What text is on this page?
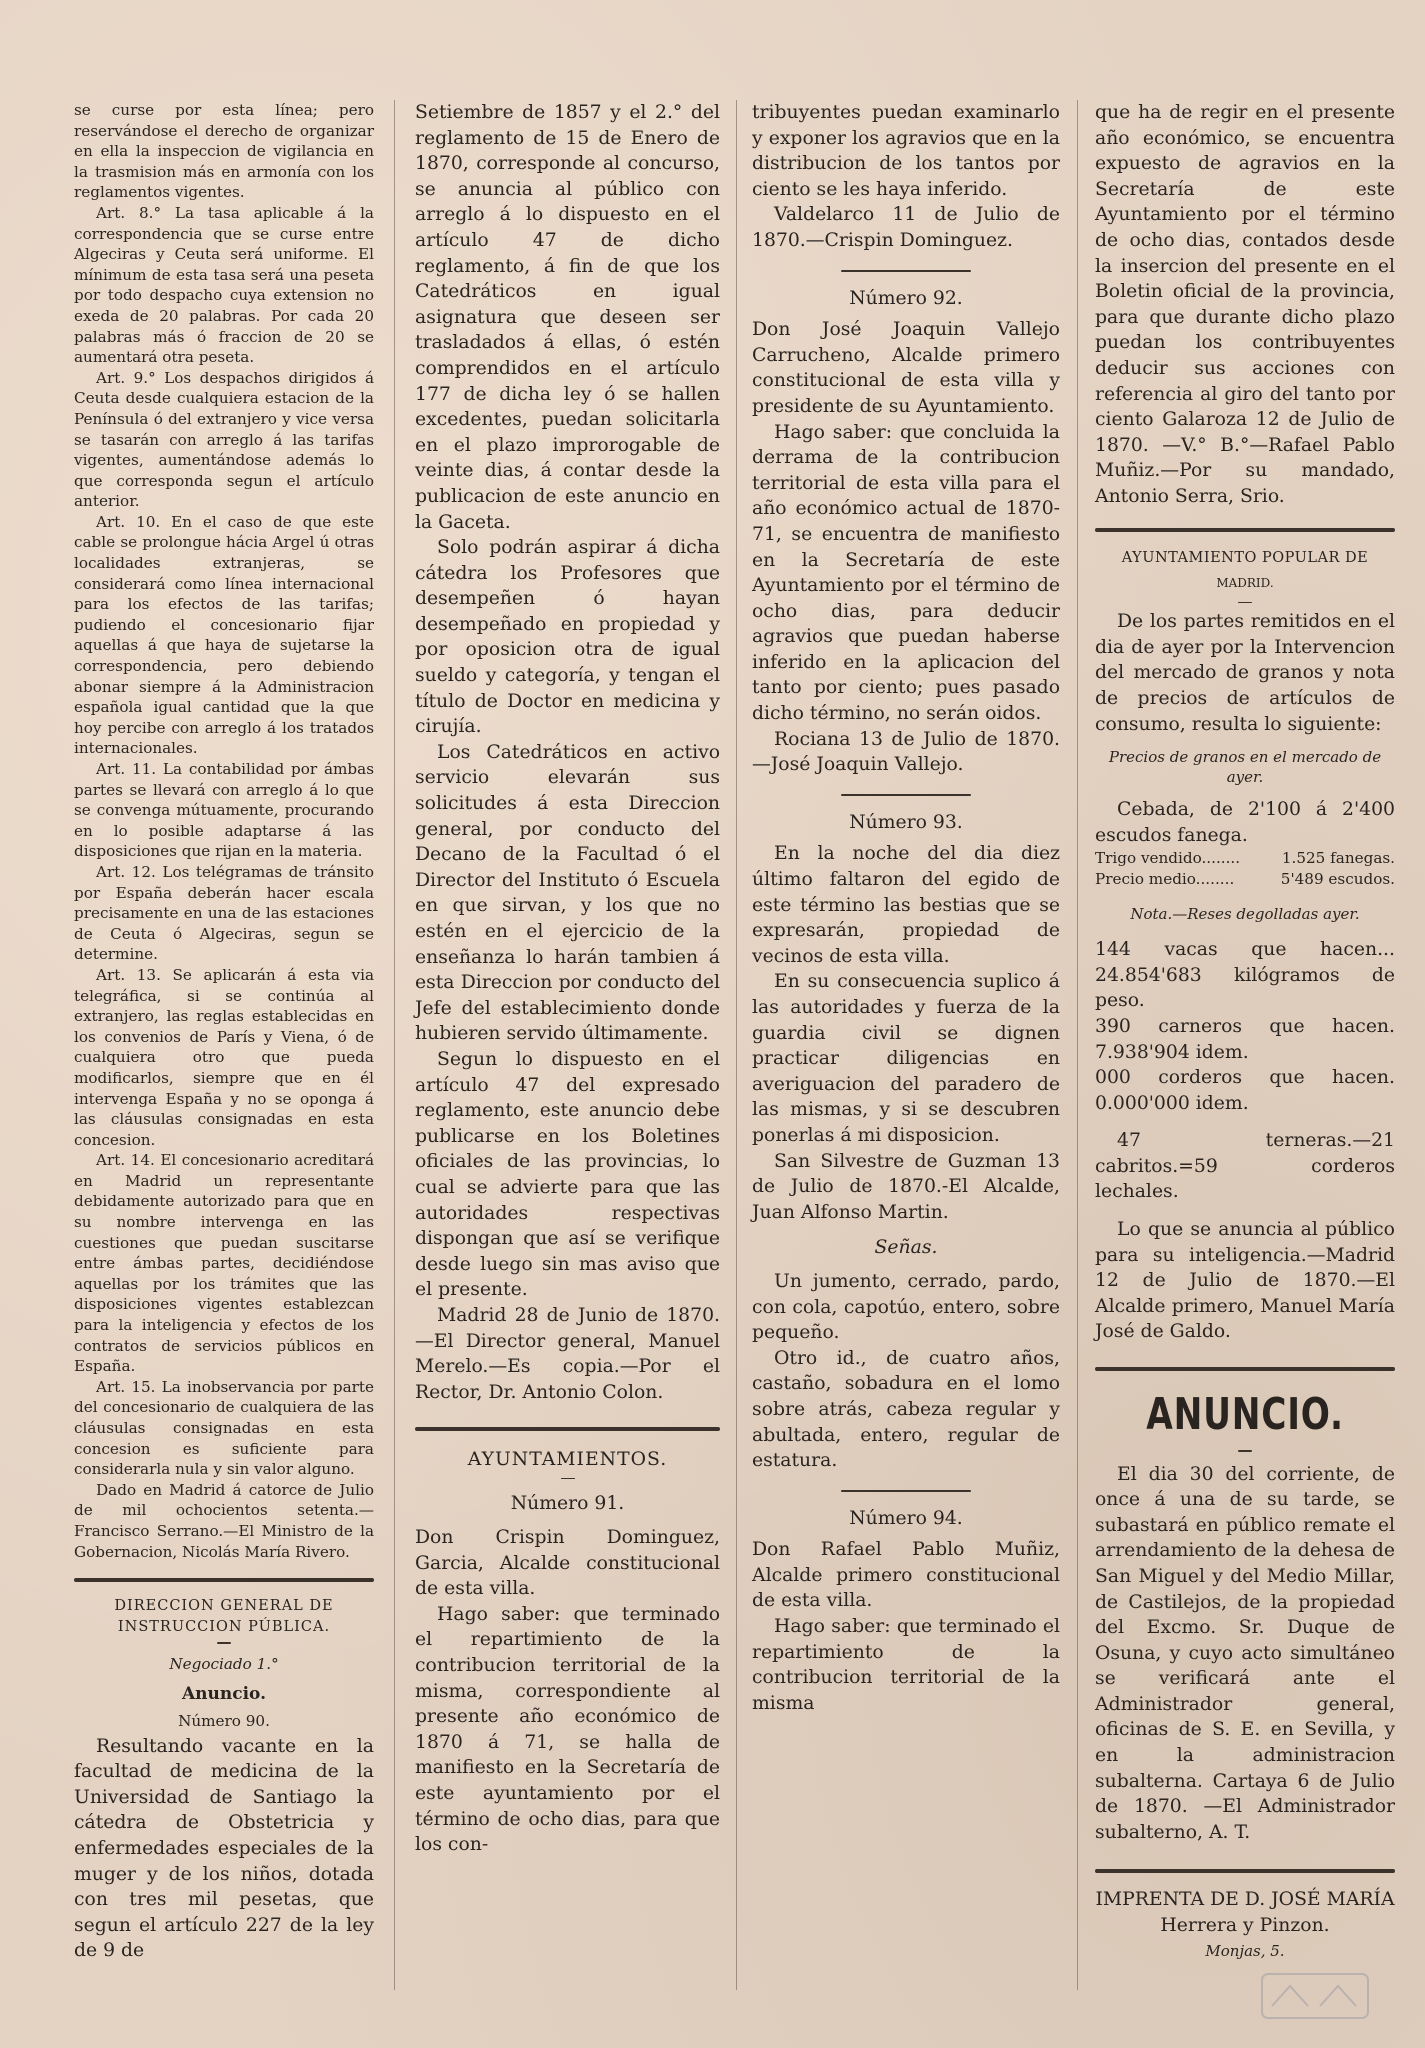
se curse por esta línea; pero reservándose el derecho de organizar en ella la inspeccion de vigilancia en la trasmision más en armonía con los reglamentos vigentes.

Art. 8.° La tasa aplicable á la correspondencia que se curse entre Algeciras y Ceuta será uniforme. El mínimum de esta tasa será una peseta por todo despacho cuya extension no exeda de 20 palabras. Por cada 20 palabras más ó fraccion de 20 se aumentará otra peseta.

Art. 9.° Los despachos dirigidos á Ceuta desde cualquiera estacion de la Península ó del extranjero y vice versa se tasarán con arreglo á las tarifas vigentes, aumentándose además lo que corresponda segun el artículo anterior.

Art. 10. En el caso de que este cable se prolongue hácia Argel ú otras localidades extranjeras, se considerará como línea internacional para los efectos de las tarifas; pudiendo el concesionario fijar aquellas á que haya de sujetarse la correspondencia, pero debiendo abonar siempre á la Administracion española igual cantidad que la que hoy percibe con arreglo á los tratados internacionales.

Art. 11. La contabilidad por ámbas partes se llevará con arreglo á lo que se convenga mútuamente, procurando en lo posible adaptarse á las disposiciones que rijan en la materia.

Art. 12. Los telégramas de tránsito por España deberán hacer escala precisamente en una de las estaciones de Ceuta ó Algeciras, segun se determine.

Art. 13. Se aplicarán á esta via telegráfica, si se continúa al extranjero, las reglas establecidas en los convenios de París y Viena, ó de cualquiera otro que pueda modificarlos, siempre que en él intervenga España y no se oponga á las cláusulas consignadas en esta concesion.

Art. 14. El concesionario acreditará en Madrid un representante debidamente autorizado para que en su nombre intervenga en las cuestiones que puedan suscitarse entre ámbas partes, decidiéndose aquellas por los trámites que las disposiciones vigentes establezcan para la inteligencia y efectos de los contratos de servicios públicos en España.

Art. 15. La inobservancia por parte del concesionario de cualquiera de las cláusulas consignadas en esta concesion es suficiente para considerarla nula y sin valor alguno.

Dado en Madrid á catorce de Julio de mil ochocientos setenta.—Francisco Serrano.—El Ministro de la Gobernacion, Nicolás María Rivero.

DIRECCION GENERAL DE INSTRUCCION PÚBLICA.

Negociado 1.°

Anuncio.

Número 90.

Resultando vacante en la facultad de medicina de la Universidad de Santiago la cátedra de Obstetricia y enfermedades especiales de la muger y de los niños, dotada con tres mil pesetas, que segun el artículo 227 de la ley de 9 de

Setiembre de 1857 y el 2.° del reglamento de 15 de Enero de 1870, corresponde al concurso, se anuncia al público con arreglo á lo dispuesto en el artículo 47 de dicho reglamento, á fin de que los Catedráticos en igual asignatura que deseen ser trasladados á ellas, ó estén comprendidos en el artículo 177 de dicha ley ó se hallen excedentes, puedan solicitarla en el plazo improrogable de veinte dias, á contar desde la publicacion de este anuncio en la Gaceta.

Solo podrán aspirar á dicha cátedra los Profesores que desempeñen ó hayan desempeñado en propiedad y por oposicion otra de igual sueldo y categoría, y tengan el título de Doctor en medicina y cirujía.

Los Catedráticos en activo servicio elevarán sus solicitudes á esta Direccion general, por conducto del Decano de la Facultad ó el Director del Instituto ó Escuela en que sirvan, y los que no estén en el ejercicio de la enseñanza lo harán tambien á esta Direccion por conducto del Jefe del establecimiento donde hubieren servido últimamente.

Segun lo dispuesto en el artículo 47 del expresado reglamento, este anuncio debe publicarse en los Boletines oficiales de las provincias, lo cual se advierte para que las autoridades respectivas dispongan que así se verifique desde luego sin mas aviso que el presente.

Madrid 28 de Junio de 1870.—El Director general, Manuel Merelo.—Es copia.—Por el Rector, Dr. Antonio Colon.

AYUNTAMIENTOS.

Número 91.

Don Crispin Dominguez, Garcia, Alcalde constitucional de esta villa.

Hago saber: que terminado el repartimiento de la contribucion territorial de la misma, correspondiente al presente año económico de 1870 á 71, se halla de manifiesto en la Secretaría de este ayuntamiento por el término de ocho dias, para que los con-

tribuyentes puedan examinarlo y exponer los agravios que en la distribucion de los tantos por ciento se les haya inferido.

Valdelarco 11 de Julio de 1870.—Crispin Dominguez.

Número 92.

Don José Joaquin Vallejo Carrucheno, Alcalde primero constitucional de esta villa y presidente de su Ayuntamiento.

Hago saber: que concluida la derrama de la contribucion territorial de esta villa para el año económico actual de 1870-71, se encuentra de manifiesto en la Secretaría de este Ayuntamiento por el término de ocho dias, para deducir agravios que puedan haberse inferido en la aplicacion del tanto por ciento; pues pasado dicho término, no serán oidos.

Rociana 13 de Julio de 1870.—José Joaquin Vallejo.

Número 93.

En la noche del dia diez último faltaron del egido de este término las bestias que se expresarán, propiedad de vecinos de esta villa.

En su consecuencia suplico á las autoridades y fuerza de la guardia civil se dignen practicar diligencias en averiguacion del paradero de las mismas, y si se descubren ponerlas á mi disposicion.

San Silvestre de Guzman 13 de Julio de 1870.-El Alcalde, Juan Alfonso Martin.

Señas.

Un jumento, cerrado, pardo, con cola, capotúo, entero, sobre pequeño.

Otro id., de cuatro años, castaño, sobadura en el lomo sobre atrás, cabeza regular y abultada, entero, regular de estatura.

Número 94.

Don Rafael Pablo Muñiz, Alcalde primero constitucional de esta villa.

Hago saber: que terminado el repartimiento de la contribucion territorial de la misma

que ha de regir en el presente año económico, se encuentra expuesto de agravios en la Secretaría de este Ayuntamiento por el término de ocho dias, contados desde la insercion del presente en el Boletin oficial de la provincia, para que durante dicho plazo puedan los contribuyentes deducir sus acciones con referencia al giro del tanto por ciento Galaroza 12 de Julio de 1870. —V.° B.°—Rafael Pablo Muñiz.—Por su mandado, Antonio Serra, Srio.

AYUNTAMIENTO POPULAR DE

MADRID.

De los partes remitidos en el dia de ayer por la Intervencion del mercado de granos y nota de precios de artículos de consumo, resulta lo siguiente:

Precios de granos en el mercado de ayer.

Cebada, de 2'100 á 2'400 escudos fanega.

Trigo vendido........	1.525 fanegas.
Precio medio........	5'489 escudos.

Nota.—Reses degolladas ayer.

144 vacas que hacen... 24.854'683 kilógramos de peso.

390 carneros que hacen. 7.938'904 idem.

000 corderos que hacen. 0.000'000 idem.

47 terneras.—21 cabritos.=59 corderos lechales.

Lo que se anuncia al público para su inteligencia.—Madrid 12 de Julio de 1870.—El Alcalde primero, Manuel María José de Galdo.

ANUNCIO.

El dia 30 del corriente, de once á una de su tarde, se subastará en público remate el arrendamiento de la dehesa de San Miguel y del Medio Millar, de Castilejos, de la propiedad del Excmo. Sr. Duque de Osuna, y cuyo acto simultáneo se verificará ante el Administrador general, oficinas de S. E. en Sevilla, y en la administracion subalterna. Cartaya 6 de Julio de 1870. —El Administrador subalterno, A. T.

IMPRENTA DE D. JOSÉ MARÍA Herrera y Pinzon.

Monjas, 5.
